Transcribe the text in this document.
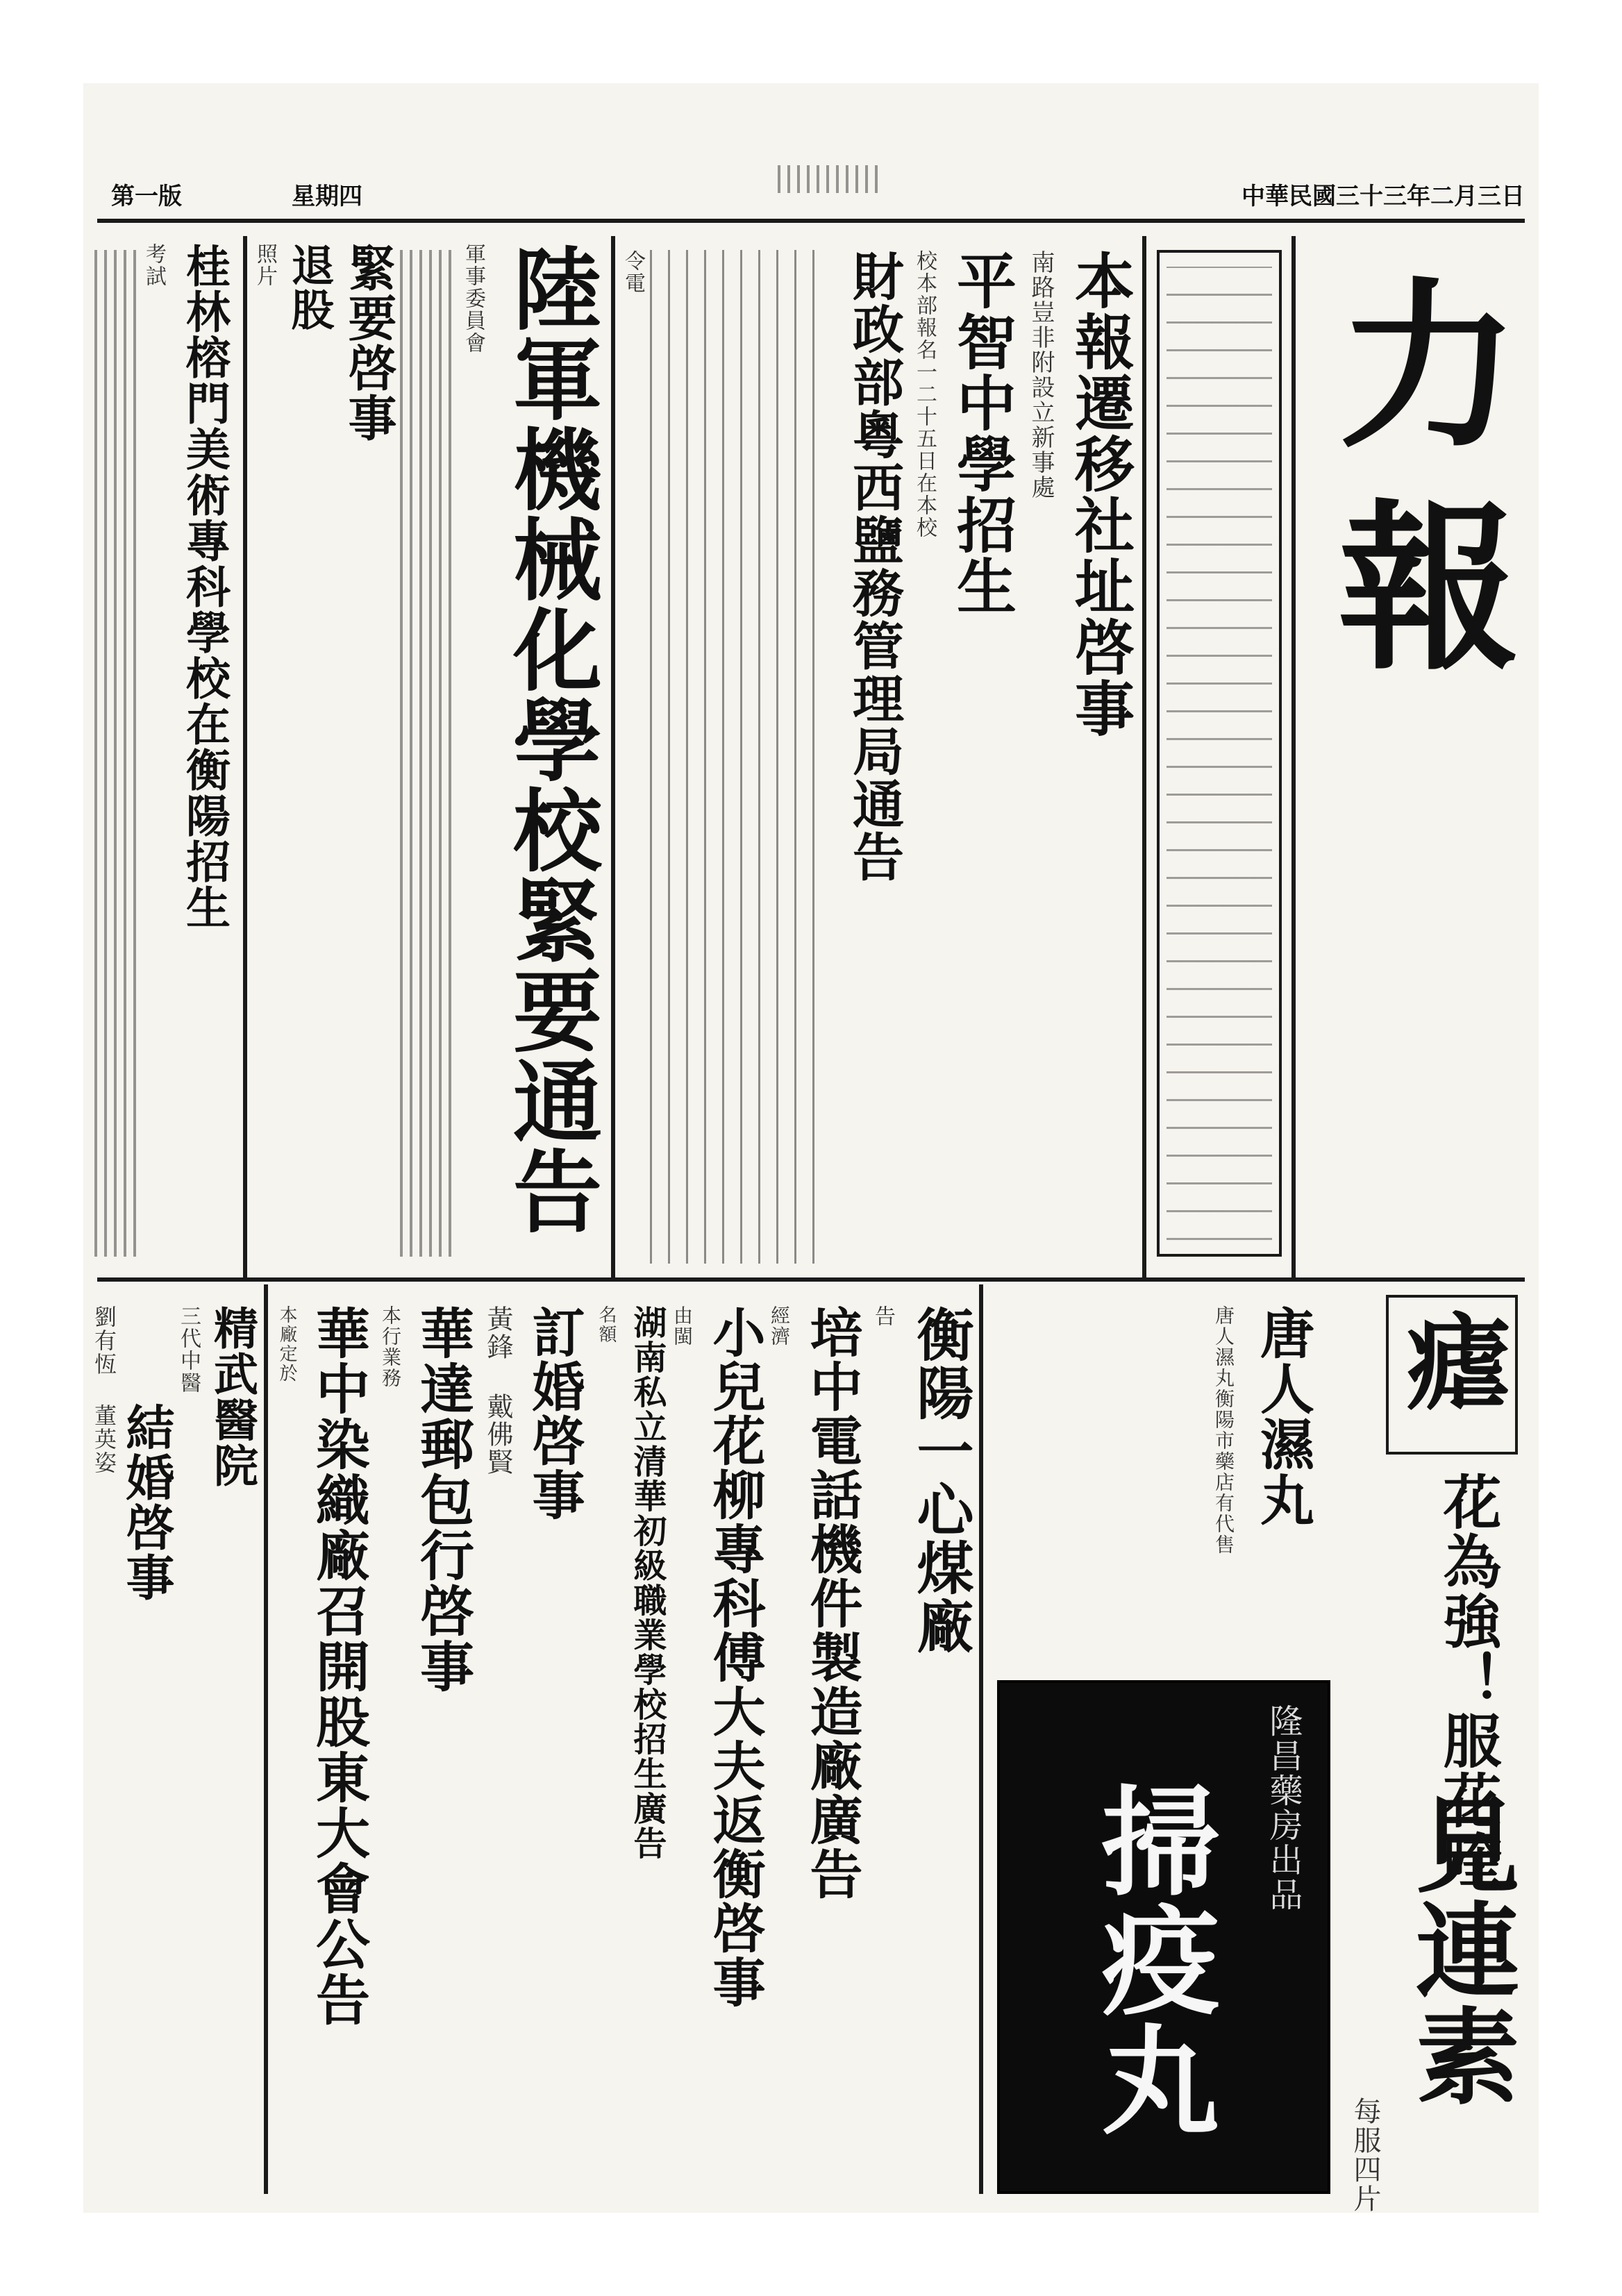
中華民國三十三年二月三日
星期四
第一版
力報
本報遷移社址啓事
南路豈非附設立新事處
平智中學招生
校本部報名一二十五日在本校
財政部粵西鹽務管理局通告
令電
陸軍機械化學校緊要通告
軍事委員會
緊要啓事
退股
照片
桂林榕門美術專科學校在衡陽招生
考試
瘧
花為強！服花喹
見連素
每服四片
唐人濕丸
唐人濕丸衡陽市藥店有代售
隆昌藥房出品
掃疫丸
衡陽一心煤廠
告
培中電話機件製造廠廣告
經濟
小兒花柳專科傅大夫返衡啓事
由閩
湖南私立清華初級職業學校招生廣告
名額
訂婚啓事
黃鋒 戴佛賢
華達郵包行啓事
本行業務
華中染織廠召開股東大會公告
本廠定於
精武醫院
三代中醫
結婚啓事
劉有恆 董英姿
